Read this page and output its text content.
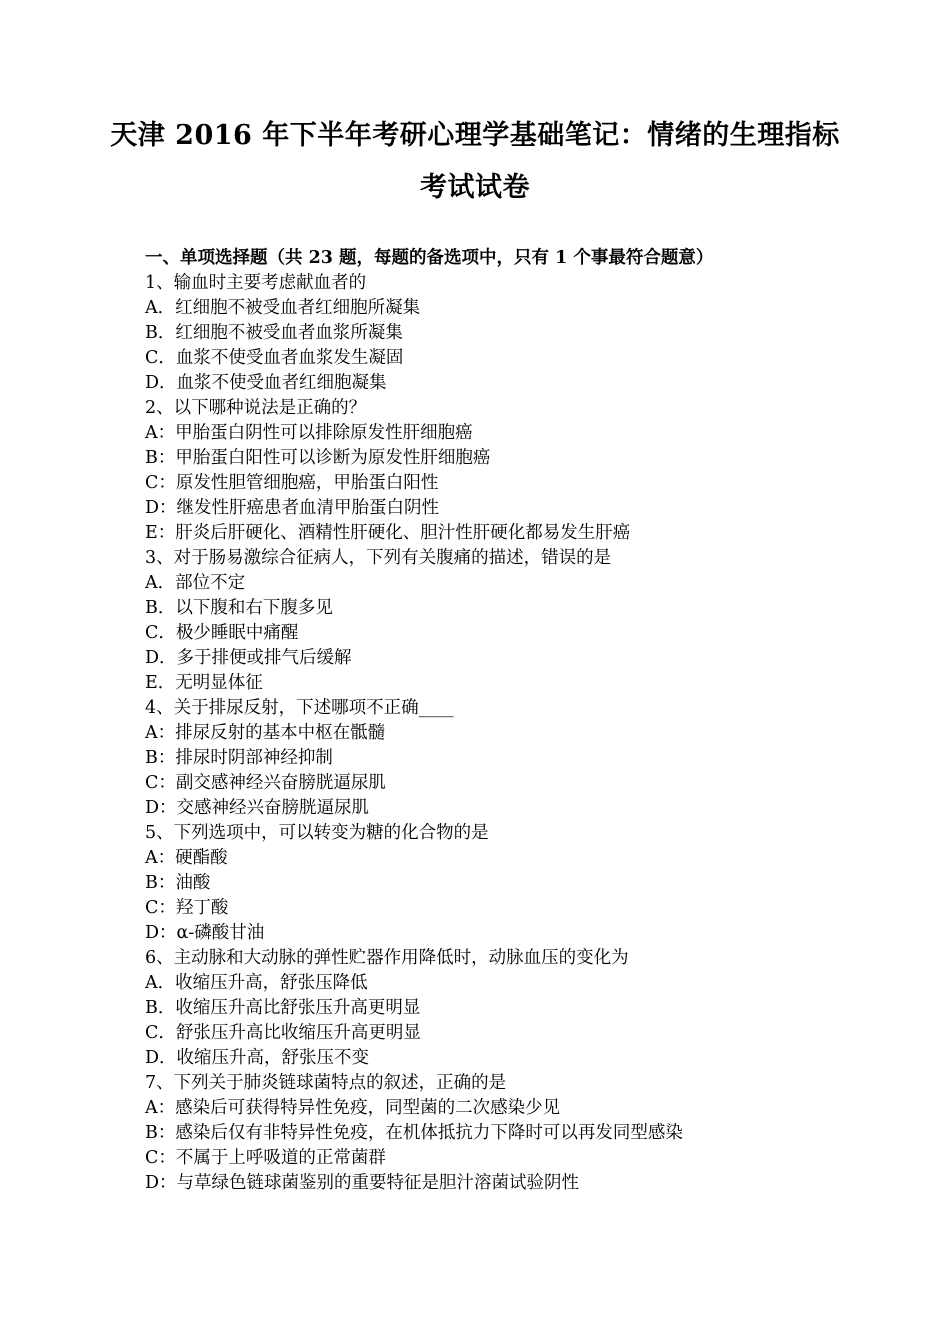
天津 2016 年下半年考研心理学基础笔记：情绪的生理指标
考试试卷
一、单项选择题（共 23 题，每题的备选项中，只有 1 个事最符合题意）
1、输血时主要考虑献血者的
A．红细胞不被受血者红细胞所凝集
B．红细胞不被受血者血浆所凝集
C．血浆不使受血者血浆发生凝固
D．血浆不使受血者红细胞凝集
2、以下哪种说法是正确的？
A：甲胎蛋白阴性可以排除原发性肝细胞癌
B：甲胎蛋白阳性可以诊断为原发性肝细胞癌
C：原发性胆管细胞癌，甲胎蛋白阳性
D：继发性肝癌患者血清甲胎蛋白阴性
E：肝炎后肝硬化、酒精性肝硬化、胆汁性肝硬化都易发生肝癌
3、对于肠易激综合征病人，下列有关腹痛的描述，错误的是
A．部位不定
B．以下腹和右下腹多见
C．极少睡眠中痛醒
D．多于排便或排气后缓解
E．无明显体征
4、关于排尿反射，下述哪项不正确____
A：排尿反射的基本中枢在骶髓
B：排尿时阴部神经抑制
C：副交感神经兴奋膀胱逼尿肌
D：交感神经兴奋膀胱逼尿肌
5、下列选项中，可以转变为糖的化合物的是
A：硬酯酸
B：油酸
C：羟丁酸
D：α-磷酸甘油
6、主动脉和大动脉的弹性贮器作用降低时，动脉血压的变化为
A．收缩压升高，舒张压降低
B．收缩压升高比舒张压升高更明显
C．舒张压升高比收缩压升高更明显
D．收缩压升高，舒张压不变
7、下列关于肺炎链球菌特点的叙述，正确的是
A：感染后可获得特异性免疫，同型菌的二次感染少见
B：感染后仅有非特异性免疫，在机体抵抗力下降时可以再发同型感染
C：不属于上呼吸道的正常菌群
D：与草绿色链球菌鉴别的重要特征是胆汁溶菌试验阴性
